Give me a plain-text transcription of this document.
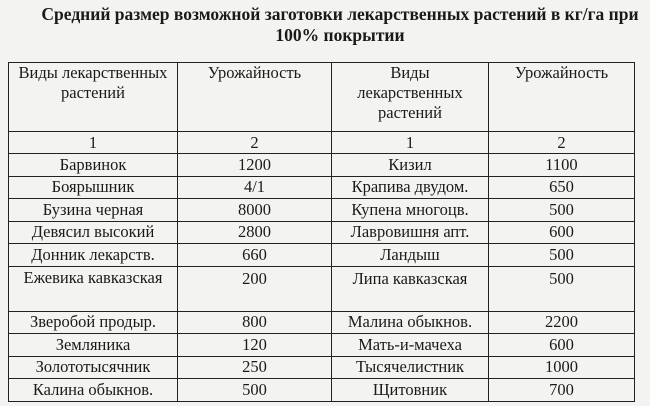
Средний размер возможной заготовки лекарственных растений в кг/га при 100% покрытии
Виды лекарственных растений	Урожайность	Виды лекарственных растений	Урожайность
1	2	1	2
Барвинок	1200	Кизил	1100
Боярышник	4/1	Крапива двудом.	650
Бузина черная	8000	Купена многоцв.	500
Девясил высокий	2800	Лавровишня апт.	600
Донник лекарств.	660	Ландыш	500
Ежевика кавказская	200	Липа кавказская	500
Зверобой продыр.	800	Малина обыкнов.	2200
Земляника	120	Мать-и-мачеха	600
Золототысячник	250	Тысячелистник	1000
Калина обыкнов.	500	Щитовник	700
